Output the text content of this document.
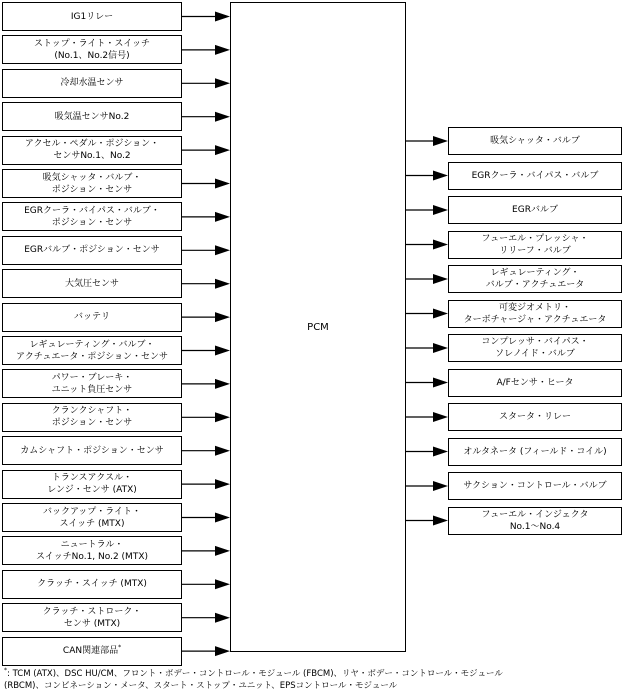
IG1リレー
ストップ・ライト・スイッチ
(No.1、No.2信号)
冷却水温センサ
吸気温センサNo.2
アクセル・ペダル・ポジション・
センサNo.1、No.2
吸気シャッタ・バルブ・
ポジション・センサ
EGRクーラ・バイパス・バルブ・
ポジション・センサ
EGRバルブ・ポジション・センサ
大気圧センサ
バッテリ
レギュレーティング・バルブ・
アクチュエータ・ポジション・センサ
パワー・ブレーキ・
ユニット負圧センサ
クランクシャフト・
ポジション・センサ
カムシャフト・ポジション・センサ
トランスアクスル・
レンジ・センサ (ATX)
バックアップ・ライト・
スイッチ (MTX)
ニュートラル・
スイッチNo.1, No.2 (MTX)
クラッチ・スイッチ (MTX)
クラッチ・ストローク・
センサ (MTX)
CAN関連部品*
PCM
吸気シャッタ・バルブ
EGRクーラ・バイパス・バルブ
EGRバルブ
フューエル・プレッシャ・
リリーフ・バルブ
レギュレーティング・
バルブ・アクチュエータ
可変ジオメトリ・
ターボチャージャ・アクチュエータ
コンプレッサ・バイパス・
ソレノイド・バルブ
A/Fセンサ・ヒータ
スタータ・リレー
オルタネータ (フィールド・コイル)
サクション・コントロール・バルブ
フューエル・インジェクタ
No.1～No.4
*: TCM (ATX)、DSC HU/CM、フロント・ボデー・コントロール・モジュール (FBCM)、リヤ・ボデー・コントロール・モジュール
(RBCM)、コンビネーション・メータ、スタート・ストップ・ユニット、EPSコントロール・モジュール
